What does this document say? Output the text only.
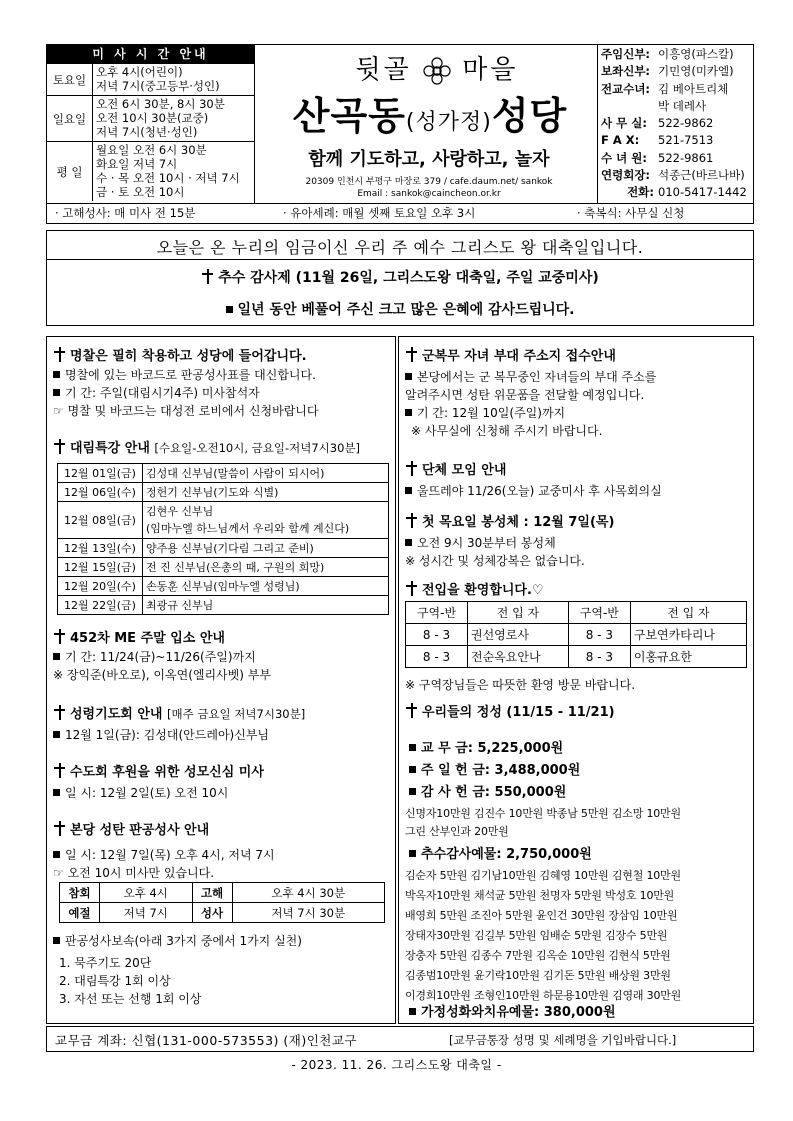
미 사 시 간 안내
토요일
오후 4시(어린이)
저녁 7시(중고등부·성인)
일요일
오전 6시 30분, 8시 30분
오전 10시 30분(교중)
저녁 7시(청년·성인)
평 일
월요일 오전 6시 30분
화요일 저녁 7시
수 · 목 오전 10시 · 저녁 7시
금 · 토 오전 10시
뒷골 마을
산곡동(성가정)성당
함께 기도하고, 사랑하고, 놀자
20309 인천시 부평구 마장로 379 / cafe.daum.net/ sankok
Email : sankok@caincheon.or.kr
주임신부: 이흥영(파스칼)
보좌신부: 기민영(미카엘)
전교수녀: 김 베아트리체
박 데레사
사 무 실: 522-9862
F A X:	521-7513
수 녀 원: 522-9861
연령회장: 석종근(바르나바)
전화: 010-5417-1442
· 고해성사: 매 미사 전 15분	· 유아세례: 매월 셋째 토요일 오후 3시	· 축복식: 사무실 신청
오늘은 온 누리의 임금이신 우리 주 예수 그리스도 왕 대축일입니다.
추수 감사제 (11월 26일, 그리스도왕 대축일, 주일 교중미사)
일년 동안 베풀어 주신 크고 많은 은혜에 감사드립니다.
명찰은 필히 착용하고 성당에 들어갑니다.
명찰에 있는 바코드로 판공성사표를 대신합니다.
기 간: 주일(대림시기4주) 미사참석자
☞ 명찰 및 바코드는 대성전 로비에서 신청바랍니다
대림특강 안내 [수요일-오전10시, 금요일-저녁7시30분]
12월 01일(금)	김성대 신부님(말씀이 사람이 되시어)
12월 06일(수)	정헌기 신부님(기도와 식별)
12월 08일(금)	김현우 신부님
(임마누엘 하느님께서 우리와 함께 계신다)

12월 13일(수)	양주용 신부님(기다림 그리고 준비)
12월 15일(금)	전 진 신부님(은총의 때, 구원의 희망)
12월 20일(수)	손동훈 신부님(임마누엘 성령님)
12월 22일(금)	최광규 신부님
452차 ME 주말 입소 안내
기 간: 11/24(금)~11/26(주일)까지
※ 장익준(바오로), 이옥연(엘리사벳) 부부
성령기도회 안내 [매주 금요일 저녁7시30분]
12월 1일(금): 김성대(안드레아)신부님
수도회 후원을 위한 성모신심 미사
일 시: 12월 2일(토) 오전 10시
본당 성탄 판공성사 안내
일 시: 12월 7일(목) 오후 4시, 저녁 7시
☞ 오전 10시 미사만 있습니다.
참회	오후 4시	고해	오후 4시 30분
예절	저녁 7시	성사	저녁 7시 30분
판공성사보속(아래 3가지 중에서 1가지 실천)
1. 묵주기도 20단
2. 대림특강 1회 이상
3. 자선 또는 선행 1회 이상
군복무 자녀 부대 주소지 접수안내
본당에서는 군 복무중인 자녀들의 부대 주소를
알려주시면 성탄 위문품을 전달할 예정입니다.
기 간: 12월 10일(주일)까지
※ 사무실에 신청해 주시기 바랍니다.
단체 모임 안내
울뜨레야 11/26(오늘) 교중미사 후 사목회의실
첫 목요일 봉성체 : 12월 7일(목)
오전 9시 30분부터 봉성체
※ 성시간 및 성체강복은 없습니다.
전입을 환영합니다.♡
구역-반	전 입 자	구역-반	전 입 자
8 - 3	권선영로사	8 - 3	구보연카타리나
8 - 3	전순옥요안나	8 - 3	이홍규요한
※ 구역장님들은 따뜻한 환영 방문 바랍니다.
우리들의 정성 (11/15 - 11/21)
교 무 금: 5,225,000원
주 일 헌 금: 3,488,000원
감 사 헌 금: 550,000원
신명자10만원 김진수 10만원 박종남 5만원 김소망 10만원
그린 산부인과 20만원
추수감사예물: 2,750,000원
김순자 5만원 김기남10만원 김혜영 10만원 김현철 10만원
박옥자10만원 채석균 5만원 천명자 5만원 박성호 10만원
배영희 5만원 조진아 5만원 윤인건 30만원 장삼임 10만원
장태자30만원 김길부 5만원 임배순 5만원 김장수 5만원
장충자 5만원 김종수 7만원 김옥순 10만원 김현식 5만원
김종범10만원 윤기락10만원 김기돈 5만원 배상원 3만원
이경희10만원 조형인10만원 하문용10만원 김영래 30만원
가정성화와치유예물: 380,000원
교무금 계좌: 신협(131-000-573553) (재)인천교구	[교무금통장 성명 및 세례명을 기입바랍니다.]
- 2023. 11. 26. 그리스도왕 대축일 -
